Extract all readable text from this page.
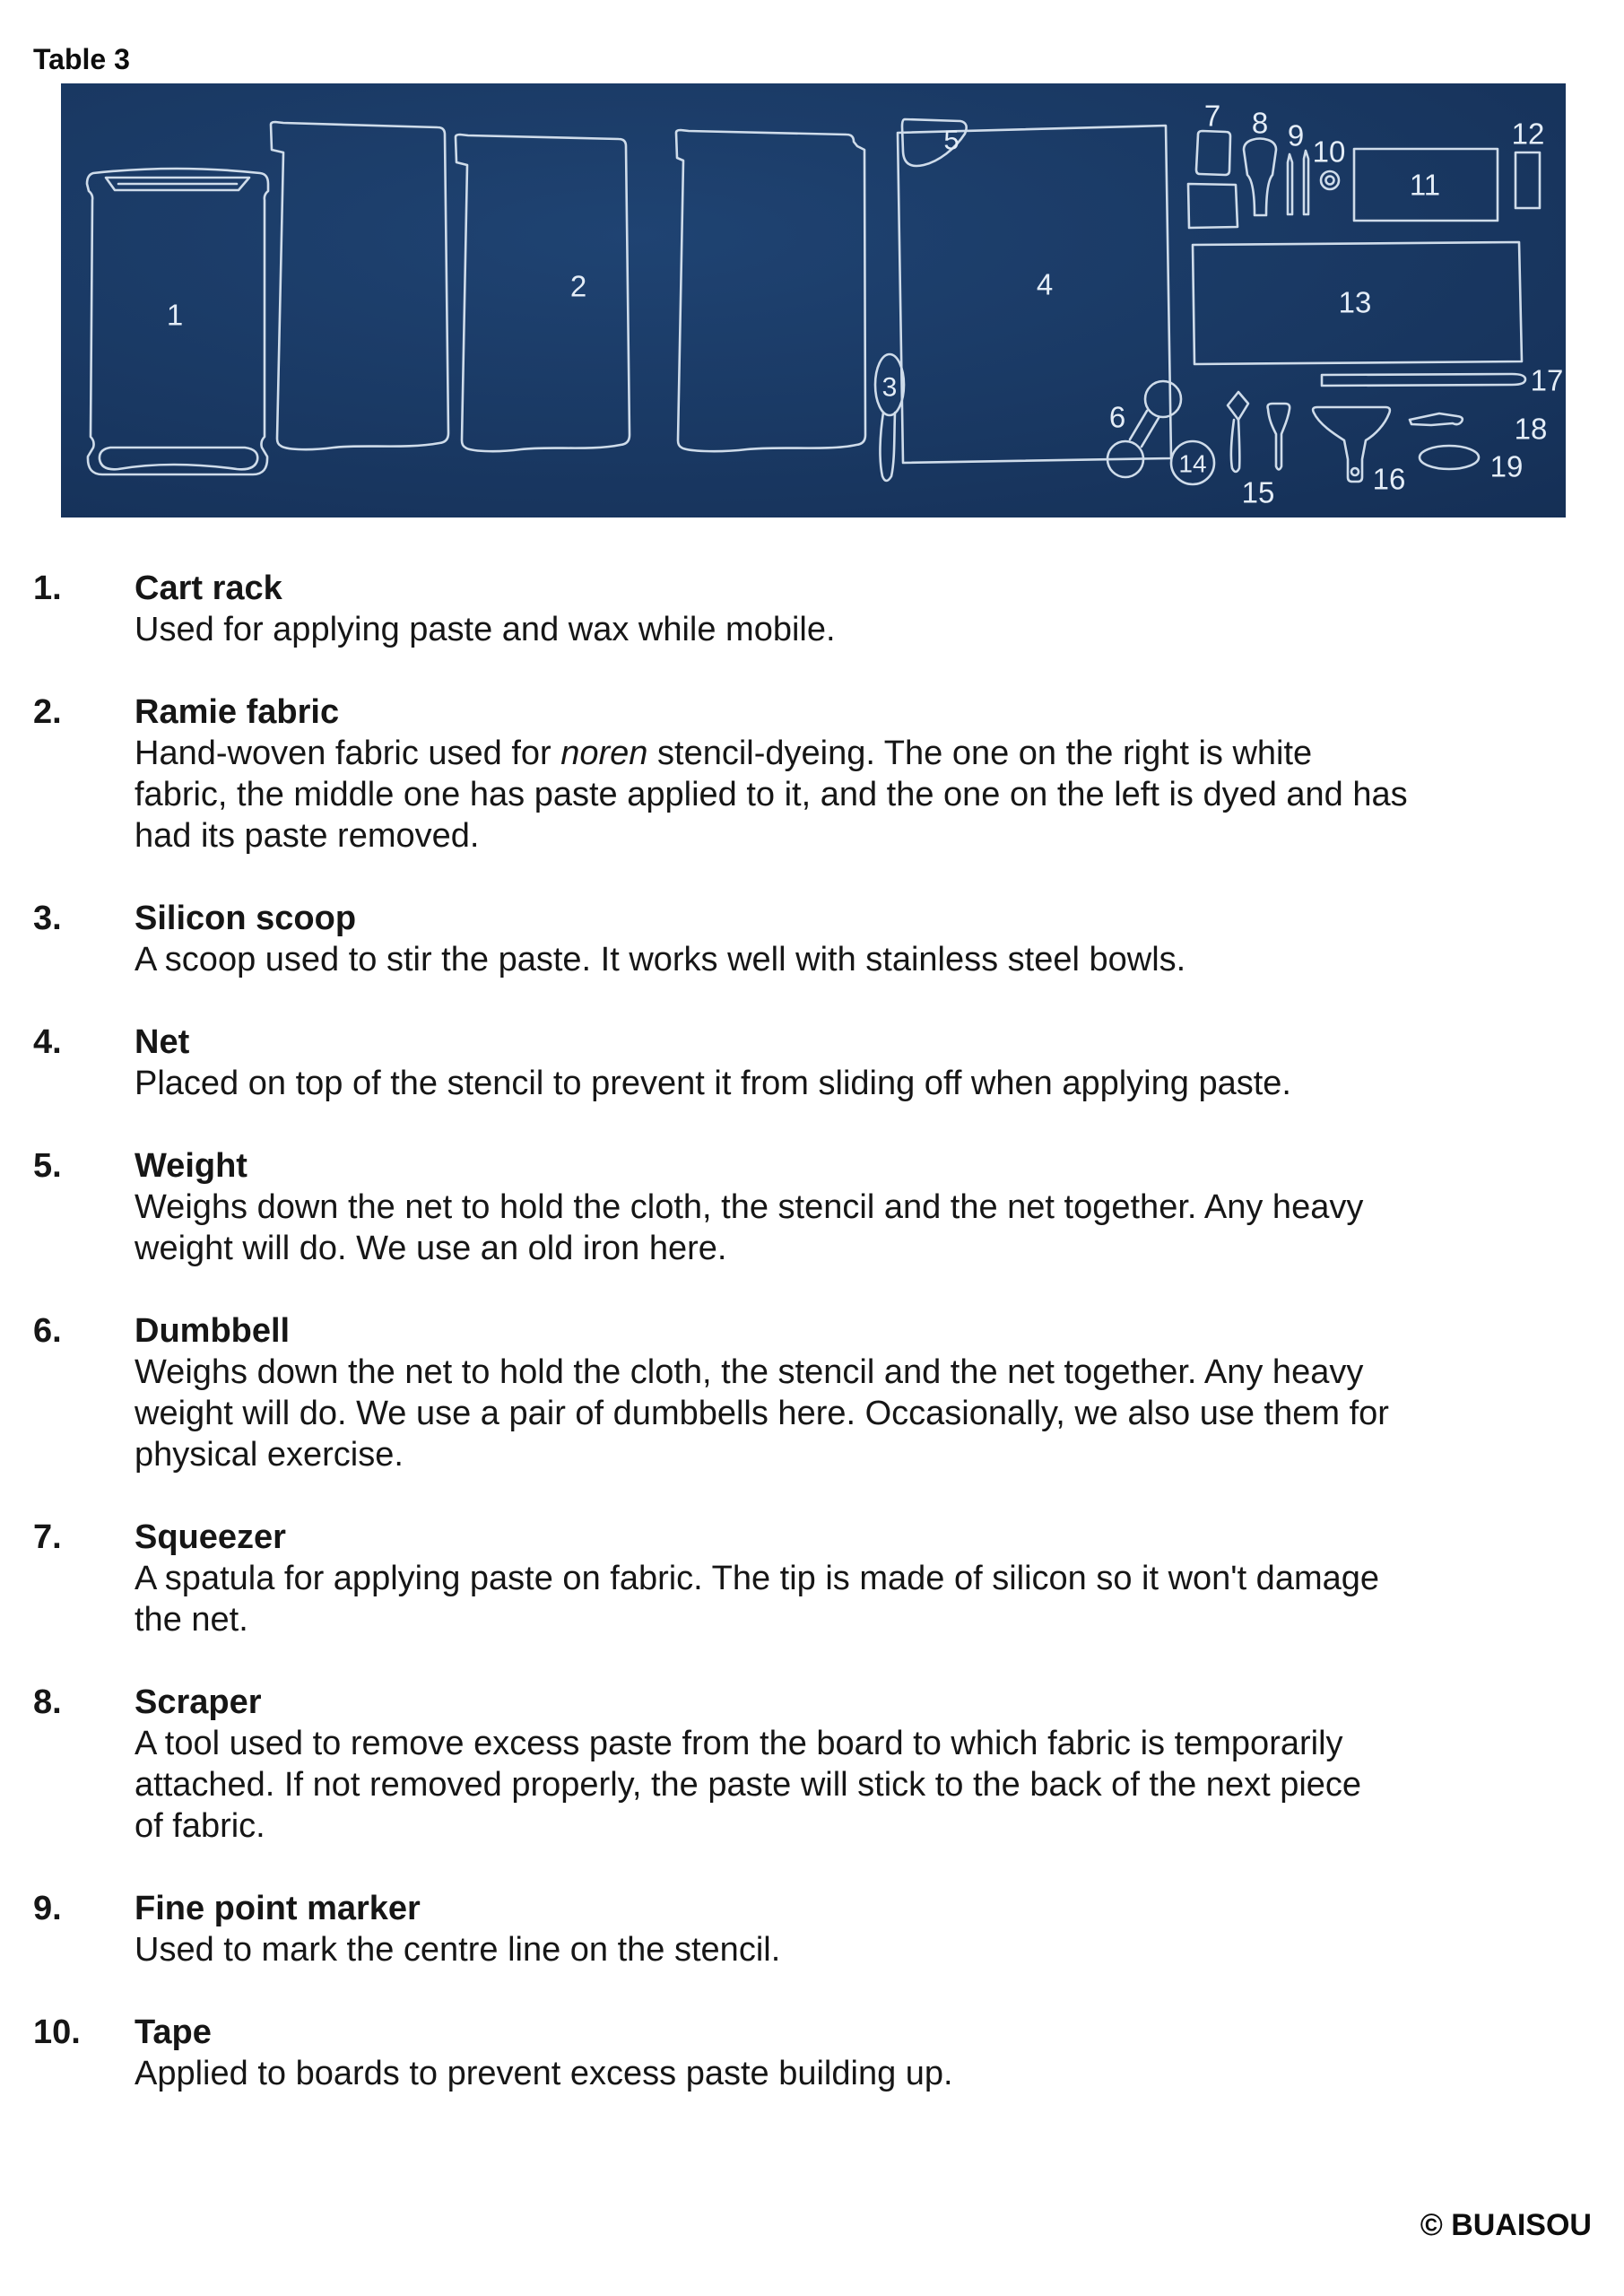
Table 3
1
2
3
4
5
6
7 8 9 10
11
12
13
14
15	16
17
18
19
1.	Cart rack
Used for applying paste and wax while mobile.
2.	Ramie fabric
Hand-woven fabric used for noren stencil-dyeing. The one on the right is white
fabric, the middle one has paste applied to it, and the one on the left is dyed and has
had its paste removed.
3.	Silicon scoop
A scoop used to stir the paste. It works well with stainless steel bowls.
4.	Net
Placed on top of the stencil to prevent it from sliding off when applying paste.
5.	Weight
Weighs down the net to hold the cloth, the stencil and the net together. Any heavy
weight will do. We use an old iron here.
6.	Dumbbell
Weighs down the net to hold the cloth, the stencil and the net together. Any heavy
weight will do. We use a pair of dumbbells here. Occasionally, we also use them for
physical exercise.
7.	Squeezer
A spatula for applying paste on fabric. The tip is made of silicon so it won't damage
the net.
8.	Scraper
A tool used to remove excess paste from the board to which fabric is temporarily
attached. If not removed properly, the paste will stick to the back of the next piece
of fabric.
9.	Fine point marker
Used to mark the centre line on the stencil.
10.	Tape
Applied to boards to prevent excess paste building up.
© BUAISOU
